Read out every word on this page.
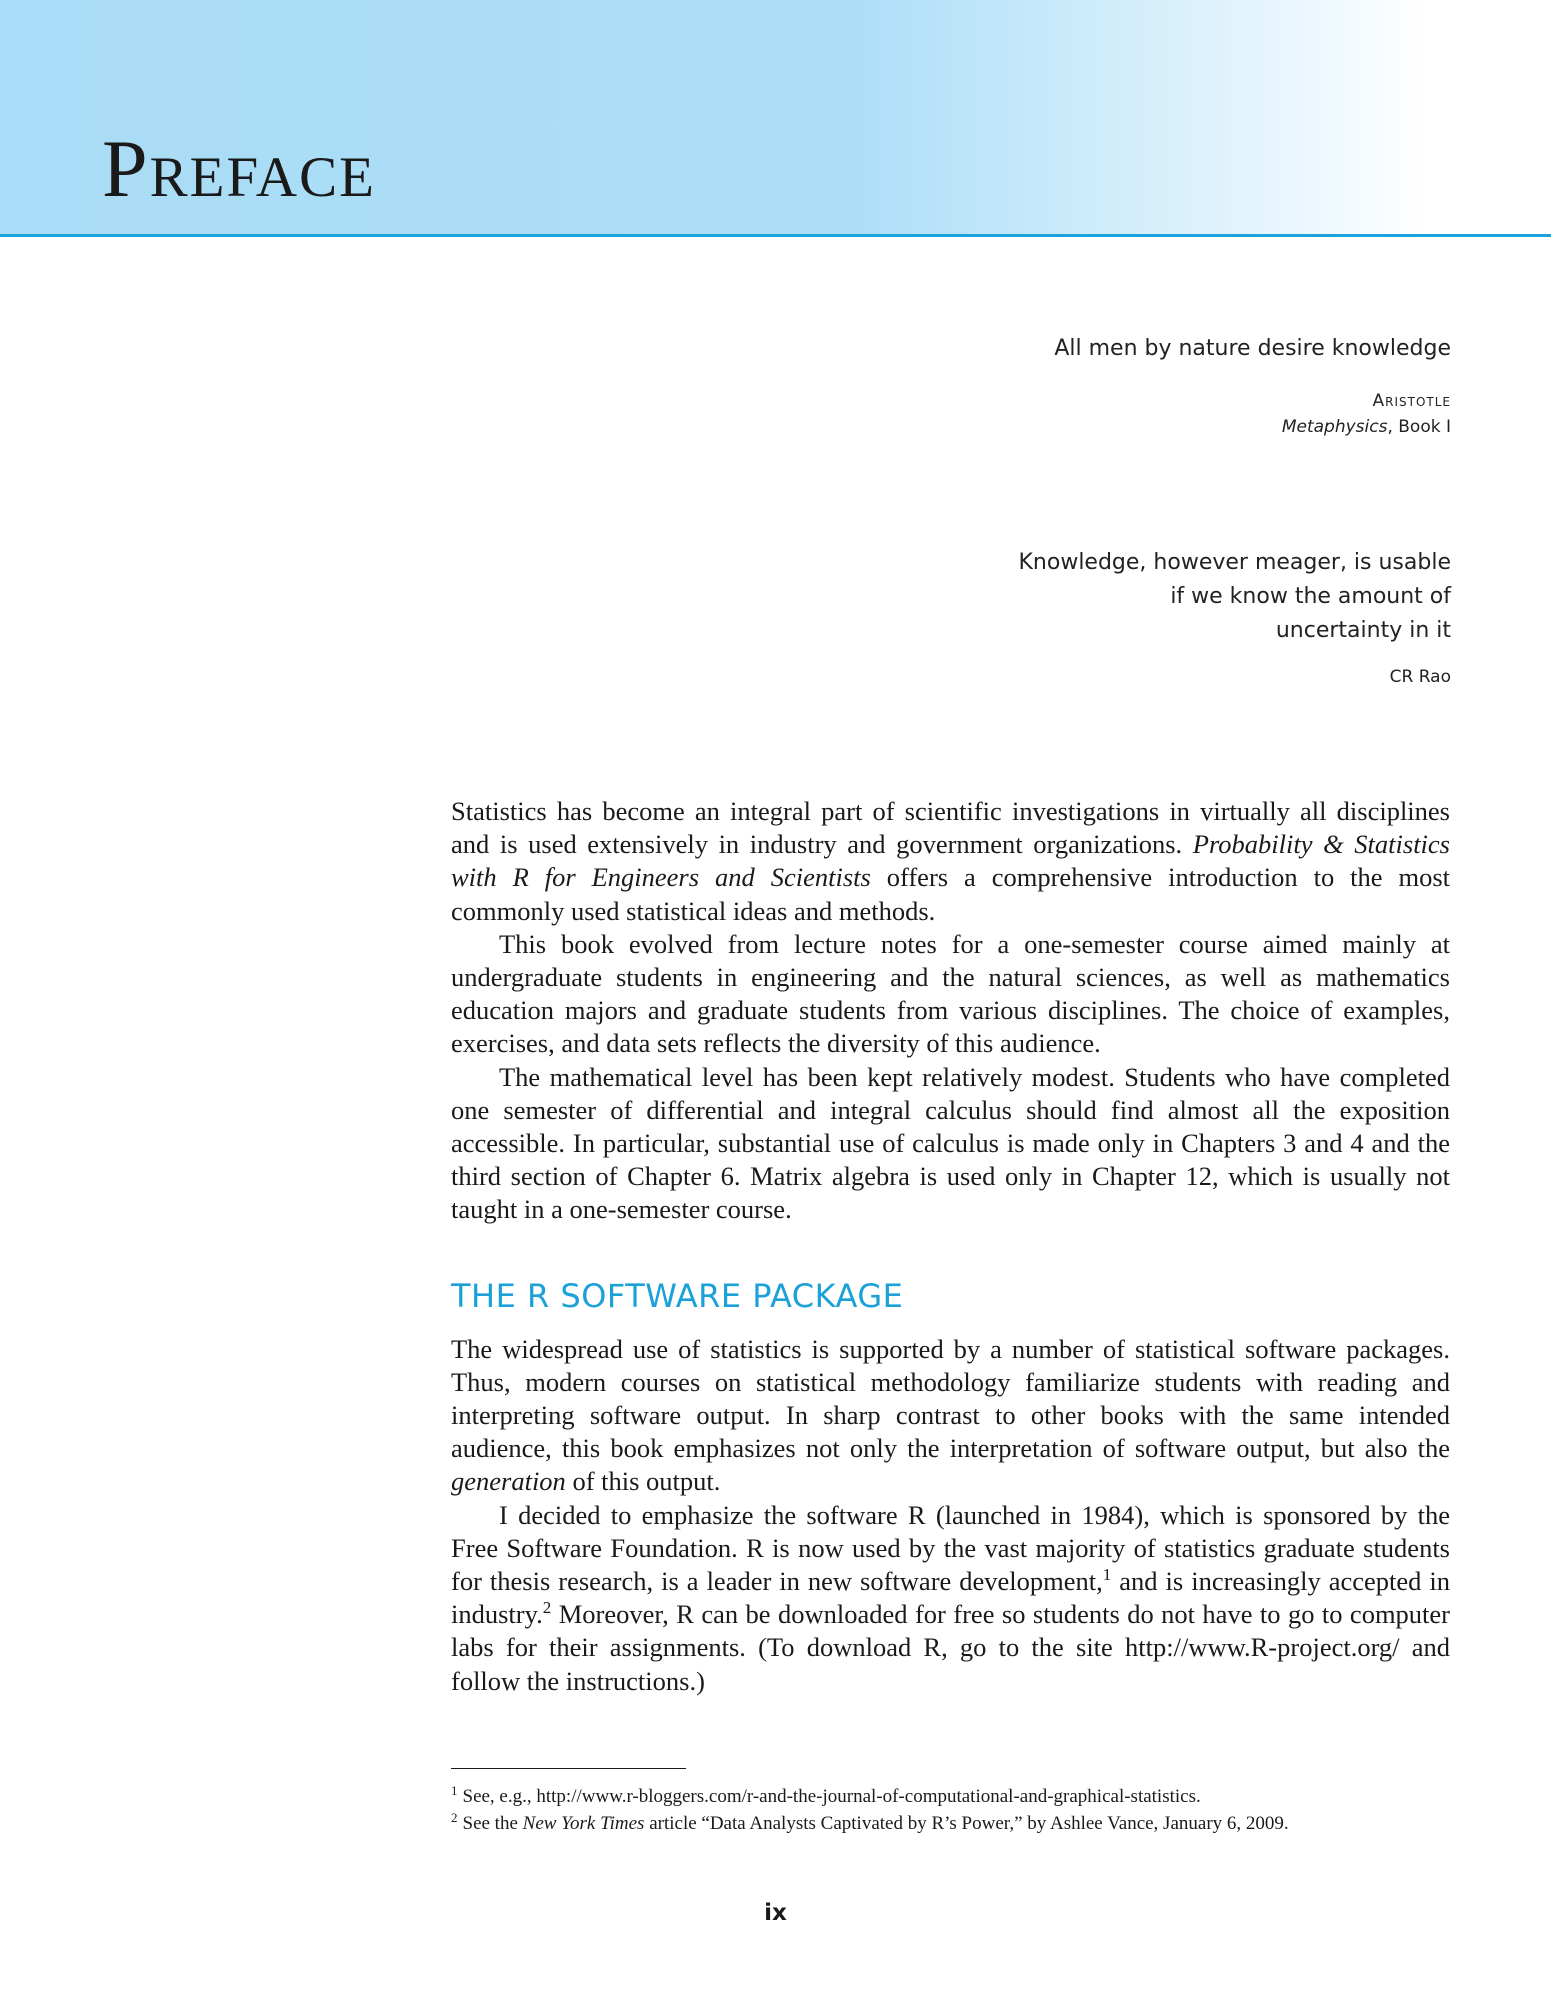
Preface
All men by nature desire knowledge
Aristotle
Metaphysics, Book I
Knowledge, however meager, is usable
if we know the amount of
uncertainty in it
CR Rao

Statistics has become an integral part of scientific investigations in virtually all disciplines and is used extensively in industry and government organizations. Probability & Statistics with R for Engineers and Scientists offers a comprehensive introduction to the most commonly used statistical ideas and methods.

This book evolved from lecture notes for a one-semester course aimed mainly at undergraduate students in engineering and the natural sciences, as well as mathematics education majors and graduate students from various disciplines. The choice of examples, exercises, and data sets reflects the diversity of this audience.

The mathematical level has been kept relatively modest. Students who have completed one semester of differential and integral calculus should find almost all the exposition accessible. In particular, substantial use of calculus is made only in Chapters 3 and 4 and the third section of Chapter 6. Matrix algebra is used only in Chapter 12, which is usually not taught in a one-semester course.

THE R SOFTWARE PACKAGE

The widespread use of statistics is supported by a number of statistical software packages. Thus, modern courses on statistical methodology familiarize students with reading and interpreting software output. In sharp contrast to other books with the same intended audience, this book emphasizes not only the interpretation of software output, but also the generation of this output.

I decided to emphasize the software R (launched in 1984), which is sponsored by the Free Software Foundation. R is now used by the vast majority of statistics graduate students for thesis research, is a leader in new software development,$^1$ and is increasingly accepted in industry.$^2$ Moreover, R can be downloaded for free so students do not have to go to computer labs for their assignments. (To download R, go to the site http://www.R-project.org/ and follow the instructions.)

$^1$ See, e.g., http://www.r-bloggers.com/r-and-the-journal-of-computational-and-graphical-statistics.
$^2$ See the New York Times article “Data Analysts Captivated by R’s Power,” by Ashlee Vance, January 6, 2009.
ix
